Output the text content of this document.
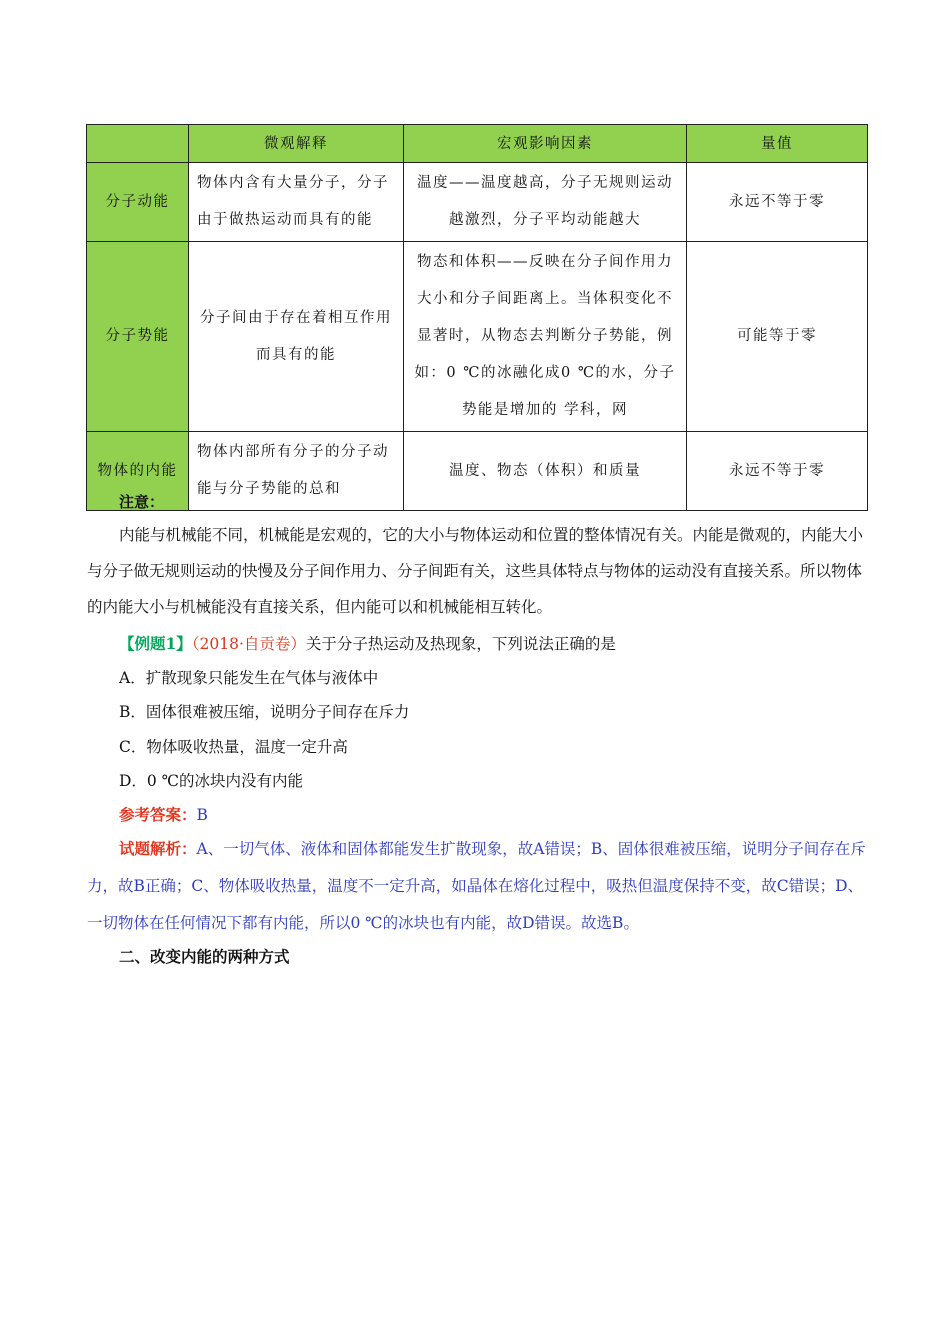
	微观解释	宏观影响因素	量值
分子动能	物体内含有大量分子，分子由于做热运动而具有的能	温度——温度越高，分子无规则运动越激烈，分子平均动能越大	永远不等于零
分子势能	分子间由于存在着相互作用而具有的能	物态和体积——反映在分子间作用力大小和分子间距离上。当体积变化不显著时，从物态去判断分子势能，例如：0 ℃的冰融化成0 ℃的水，分子势能是增加的 学科，网	可能等于零
物体的内能	物体内部所有分子的分子动能与分子势能的总和	温度、物态（体积）和质量	永远不等于零
注意：
内能与机械能不同，机械能是宏观的，它的大小与物体运动和位置的整体情况有关。内能是微观的，内能大小与分子做无规则运动的快慢及分子间作用力、分子间距有关，这些具体特点与物体的运动没有直接关系。所以物体的内能大小与机械能没有直接关系，但内能可以和机械能相互转化。
【例题1】（2018·自贡卷）关于分子热运动及热现象，下列说法正确的是
A．扩散现象只能发生在气体与液体中
B．固体很难被压缩，说明分子间存在斥力
C．物体吸收热量，温度一定升高
D．0 ℃的冰块内没有内能
参考答案：B
试题解析：A、一切气体、液体和固体都能发生扩散现象，故A错误；B、固体很难被压缩，说明分子间存在斥力，故B正确；C、物体吸收热量，温度不一定升高，如晶体在熔化过程中，吸热但温度保持不变，故C错误；D、一切物体在任何情况下都有内能，所以0 ℃的冰块也有内能，故D错误。故选B。
二、改变内能的两种方式
